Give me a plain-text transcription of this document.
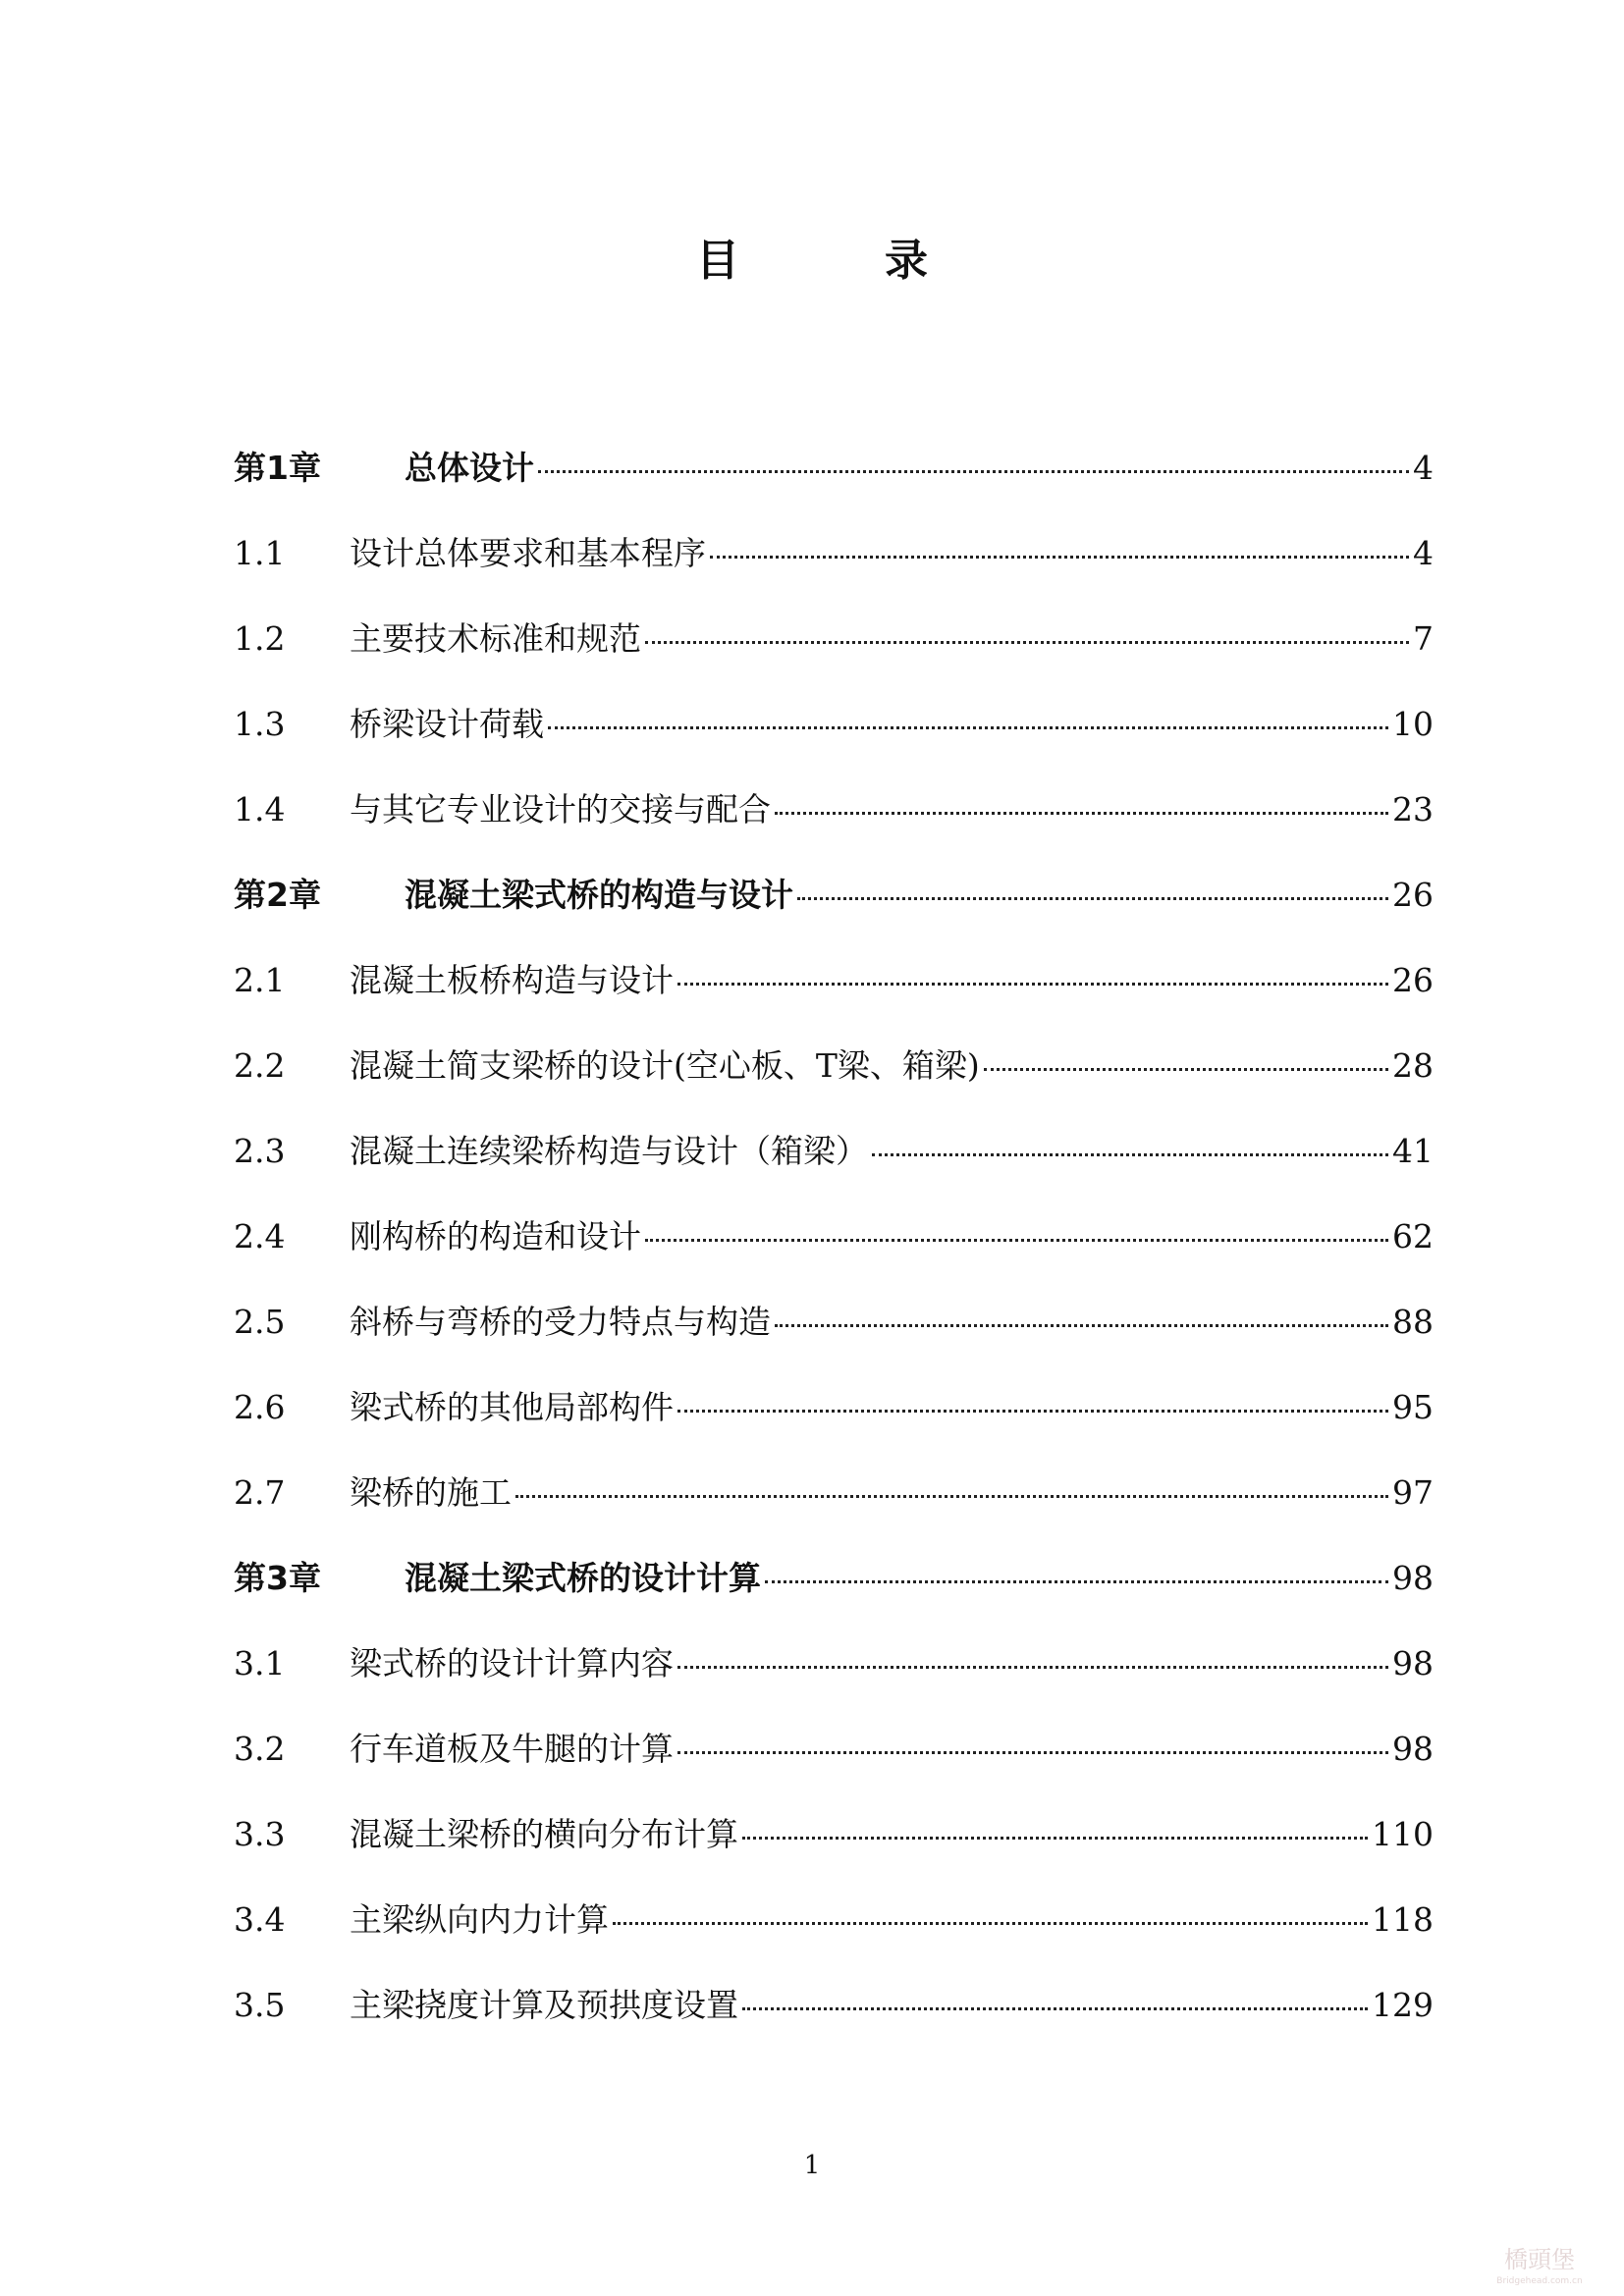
目　录
第1章	总体设计	4
1.1	设计总体要求和基本程序	4
1.2	主要技术标准和规范	7
1.3	桥梁设计荷载	10
1.4	与其它专业设计的交接与配合	23
第2章	混凝土梁式桥的构造与设计	26
2.1	混凝土板桥构造与设计	26
2.2	混凝土简支梁桥的设计(空心板、T梁、箱梁)	28
2.3	混凝土连续梁桥构造与设计（箱梁）	41
2.4	刚构桥的构造和设计	62
2.5	斜桥与弯桥的受力特点与构造	88
2.6	梁式桥的其他局部构件	95
2.7	梁桥的施工	97
第3章	混凝土梁式桥的设计计算	98
3.1	梁式桥的设计计算内容	98
3.2	行车道板及牛腿的计算	98
3.3	混凝土梁桥的横向分布计算	110
3.4	主梁纵向内力计算	118
3.5	主梁挠度计算及预拱度设置	129
1
橋頭堡
Bridgehead.com.cn
